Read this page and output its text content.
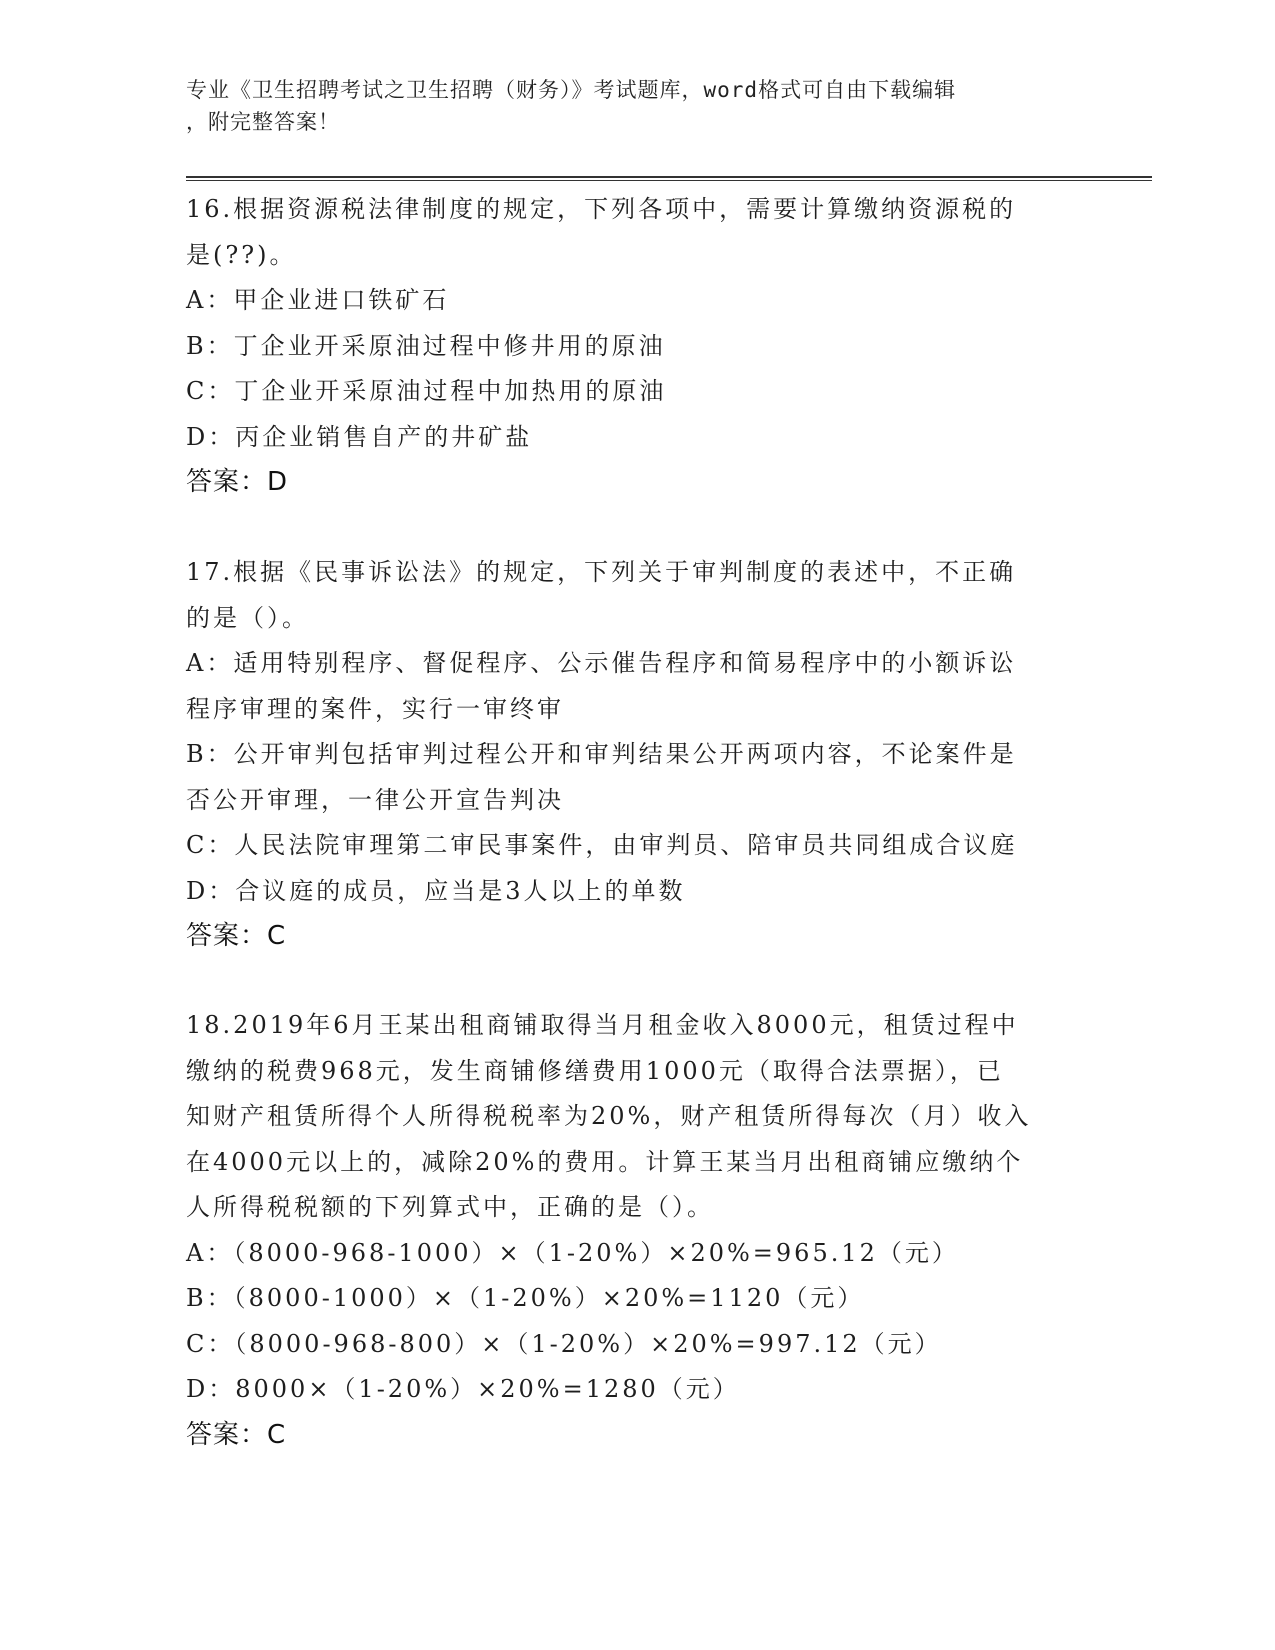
专业《卫生招聘考试之卫生招聘（财务）》考试题库，word格式可自由下载编辑
，附完整答案！
16.根据资源税法律制度的规定，下列各项中，需要计算缴纳资源税的
是(??)。
A：甲企业进口铁矿石
B：丁企业开采原油过程中修井用的原油
C：丁企业开采原油过程中加热用的原油
D：丙企业销售自产的井矿盐
答案：D
17.根据《民事诉讼法》的规定，下列关于审判制度的表述中，不正确
的是（）。
A：适用特别程序、督促程序、公示催告程序和简易程序中的小额诉讼
程序审理的案件，实行一审终审
B：公开审判包括审判过程公开和审判结果公开两项内容，不论案件是
否公开审理，一律公开宣告判决
C：人民法院审理第二审民事案件，由审判员、陪审员共同组成合议庭
D：合议庭的成员，应当是3人以上的单数
答案：C
18.2019年6月王某出租商铺取得当月租金收入8000元，租赁过程中
缴纳的税费968元，发生商铺修缮费用1000元（取得合法票据），已
知财产租赁所得个人所得税税率为20%，财产租赁所得每次（月）收入
在4000元以上的，减除20%的费用。计算王某当月出租商铺应缴纳个
人所得税税额的下列算式中，正确的是（）。
A：（8000-968-1000）×（1-20%）×20%=965.12（元）
B：（8000-1000）×（1-20%）×20%=1120（元）
C：（8000-968-800）×（1-20%）×20%=997.12（元）
D：8000×（1-20%）×20%=1280（元）
答案：C
